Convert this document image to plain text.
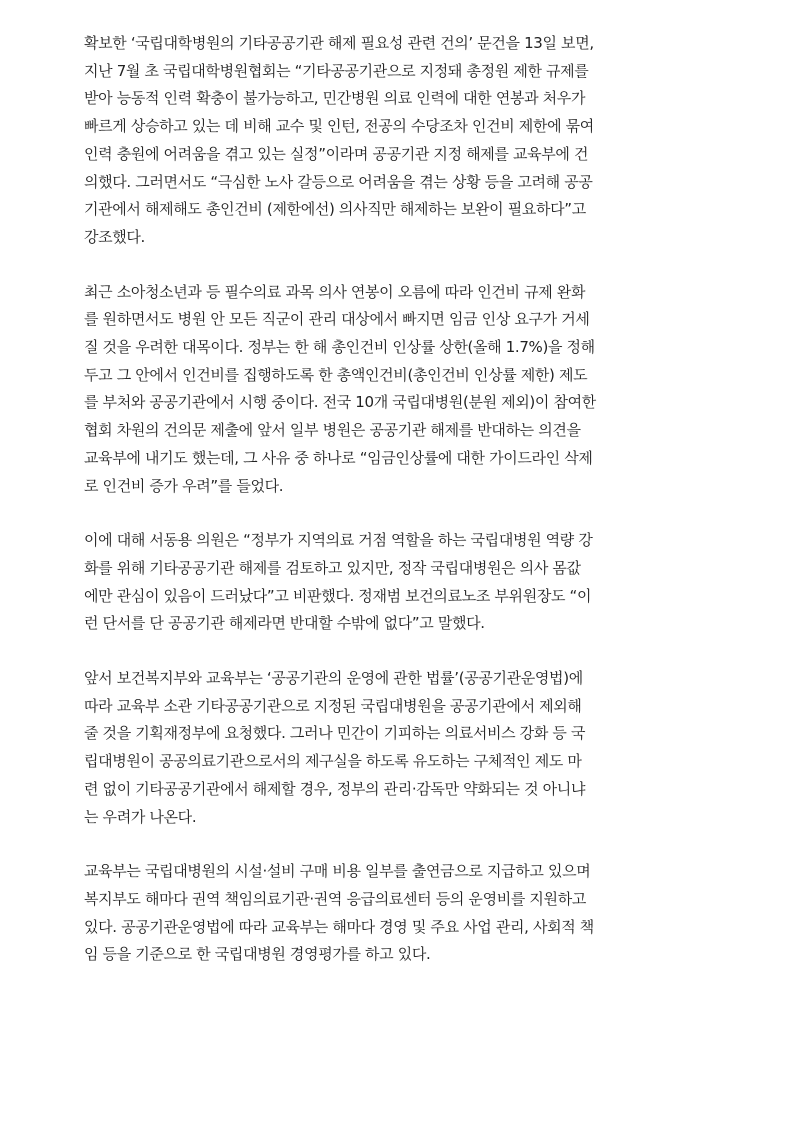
확보한 ‘국립대학병원의 기타공공기관 해제 필요성 관련 건의’ 문건을 13일 보면,
지난 7월 초 국립대학병원협회는 “기타공공기관으로 지정돼 총정원 제한 규제를
받아 능동적 인력 확충이 불가능하고, 민간병원 의료 인력에 대한 연봉과 처우가
빠르게 상승하고 있는 데 비해 교수 및 인턴, 전공의 수당조차 인건비 제한에 묶여
인력 충원에 어려움을 겪고 있는 실정”이라며 공공기관 지정 해제를 교육부에 건
의했다. 그러면서도 “극심한 노사 갈등으로 어려움을 겪는 상황 등을 고려해 공공
기관에서 해제해도 총인건비 (제한에선) 의사직만 해제하는 보완이 필요하다”고
강조했다.

최근 소아청소년과 등 필수의료 과목 의사 연봉이 오름에 따라 인건비 규제 완화
를 원하면서도 병원 안 모든 직군이 관리 대상에서 빠지면 임금 인상 요구가 거세
질 것을 우려한 대목이다. 정부는 한 해 총인건비 인상률 상한(올해 1.7%)을 정해
두고 그 안에서 인건비를 집행하도록 한 총액인건비(총인건비 인상률 제한) 제도
를 부처와 공공기관에서 시행 중이다. 전국 10개 국립대병원(분원 제외)이 참여한
협회 차원의 건의문 제출에 앞서 일부 병원은 공공기관 해제를 반대하는 의견을
교육부에 내기도 했는데, 그 사유 중 하나로 “임금인상률에 대한 가이드라인 삭제
로 인건비 증가 우려”를 들었다.

이에 대해 서동용 의원은 “정부가 지역의료 거점 역할을 하는 국립대병원 역량 강
화를 위해 기타공공기관 해제를 검토하고 있지만, 정작 국립대병원은 의사 몸값
에만 관심이 있음이 드러났다”고 비판했다. 정재범 보건의료노조 부위원장도 “이
런 단서를 단 공공기관 해제라면 반대할 수밖에 없다”고 말했다.

앞서 보건복지부와 교육부는 ‘공공기관의 운영에 관한 법률’(공공기관운영법)에
따라 교육부 소관 기타공공기관으로 지정된 국립대병원을 공공기관에서 제외해
줄 것을 기획재정부에 요청했다. 그러나 민간이 기피하는 의료서비스 강화 등 국
립대병원이 공공의료기관으로서의 제구실을 하도록 유도하는 구체적인 제도 마
련 없이 기타공공기관에서 해제할 경우, 정부의 관리·감독만 약화되는 것 아니냐
는 우려가 나온다.

교육부는 국립대병원의 시설·설비 구매 비용 일부를 출연금으로 지급하고 있으며
복지부도 해마다 권역 책임의료기관·권역 응급의료센터 등의 운영비를 지원하고
있다. 공공기관운영법에 따라 교육부는 해마다 경영 및 주요 사업 관리, 사회적 책
임 등을 기준으로 한 국립대병원 경영평가를 하고 있다.
